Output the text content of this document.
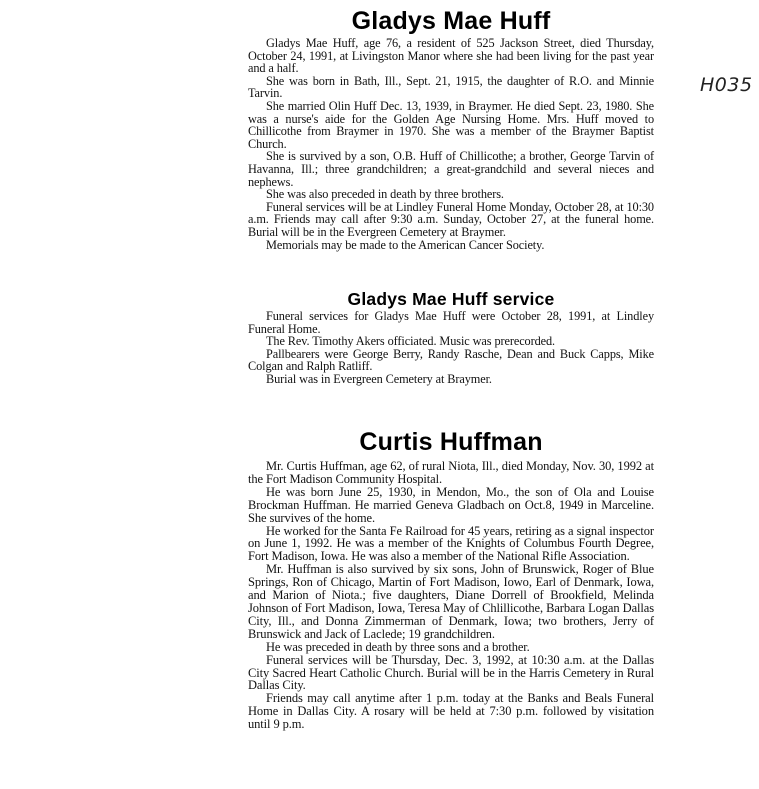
H035
Gladys Mae Huff

Gladys Mae Huff, age 76, a resident of 525 Jackson Street, died Thursday, October 24, 1991, at Livingston Manor where she had been living for the past year and a half.

She was born in Bath, Ill., Sept. 21, 1915, the daughter of R.O. and Minnie Tarvin.

She married Olin Huff Dec. 13, 1939, in Braymer. He died Sept. 23, 1980. She was a nurse's aide for the Golden Age Nursing Home. Mrs. Huff moved to Chillicothe from Braymer in 1970. She was a member of the Braymer Baptist Church.

She is survived by a son, O.B. Huff of Chillicothe; a brother, George Tarvin of Havanna, Ill.; three grandchildren; a great-grandchild and several nieces and nephews.

She was also preceded in death by three brothers.

Funeral services will be at Lindley Funeral Home Monday, October 28, at 10:30 a.m. Friends may call after 9:30 a.m. Sunday, October 27, at the funeral home. Burial will be in the Evergreen Cemetery at Braymer.

Memorials may be made to the American Cancer Society.

Gladys Mae Huff service

Funeral services for Gladys Mae Huff were October 28, 1991, at Lindley Funeral Home.

The Rev. Timothy Akers officiated. Music was prerecorded.

Pallbearers were George Berry, Randy Rasche, Dean and Buck Capps, Mike Colgan and Ralph Ratliff.

Burial was in Evergreen Cemetery at Braymer.

Curtis Huffman

Mr. Curtis Huffman, age 62, of rural Niota, Ill., died Monday, Nov. 30, 1992 at the Fort Madison Community Hospital.

He was born June 25, 1930, in Mendon, Mo., the son of Ola and Louise Brockman Huffman. He married Geneva Gladbach on Oct.8, 1949 in Marceline. She survives of the home.

He worked for the Santa Fe Railroad for 45 years, retiring as a signal inspector on June 1, 1992. He was a member of the Knights of Columbus Fourth Degree, Fort Madison, Iowa. He was also a member of the National Rifle Association.

Mr. Huffman is also survived by six sons, John of Brunswick, Roger of Blue Springs, Ron of Chicago, Martin of Fort Madison, Iowo, Earl of Denmark, Iowa, and Marion of Niota.; five daughters, Diane Dorrell of Brookfield, Melinda Johnson of Fort Madison, Iowa, Teresa May of Chlillicothe, Barbara Logan Dallas City, Ill., and Donna Zimmerman of Denmark, Iowa; two brothers, Jerry of Brunswick and Jack of Laclede; 19 grandchildren.

He was preceded in death by three sons and a brother.

Funeral services will be Thursday, Dec. 3, 1992, at 10:30 a.m. at the Dallas City Sacred Heart Catholic Church. Burial will be in the Harris Cemetery in Rural Dallas City.

Friends may call anytime after 1 p.m. today at the Banks and Beals Funeral Home in Dallas City. A rosary will be held at 7:30 p.m. followed by visitation until 9 p.m.
